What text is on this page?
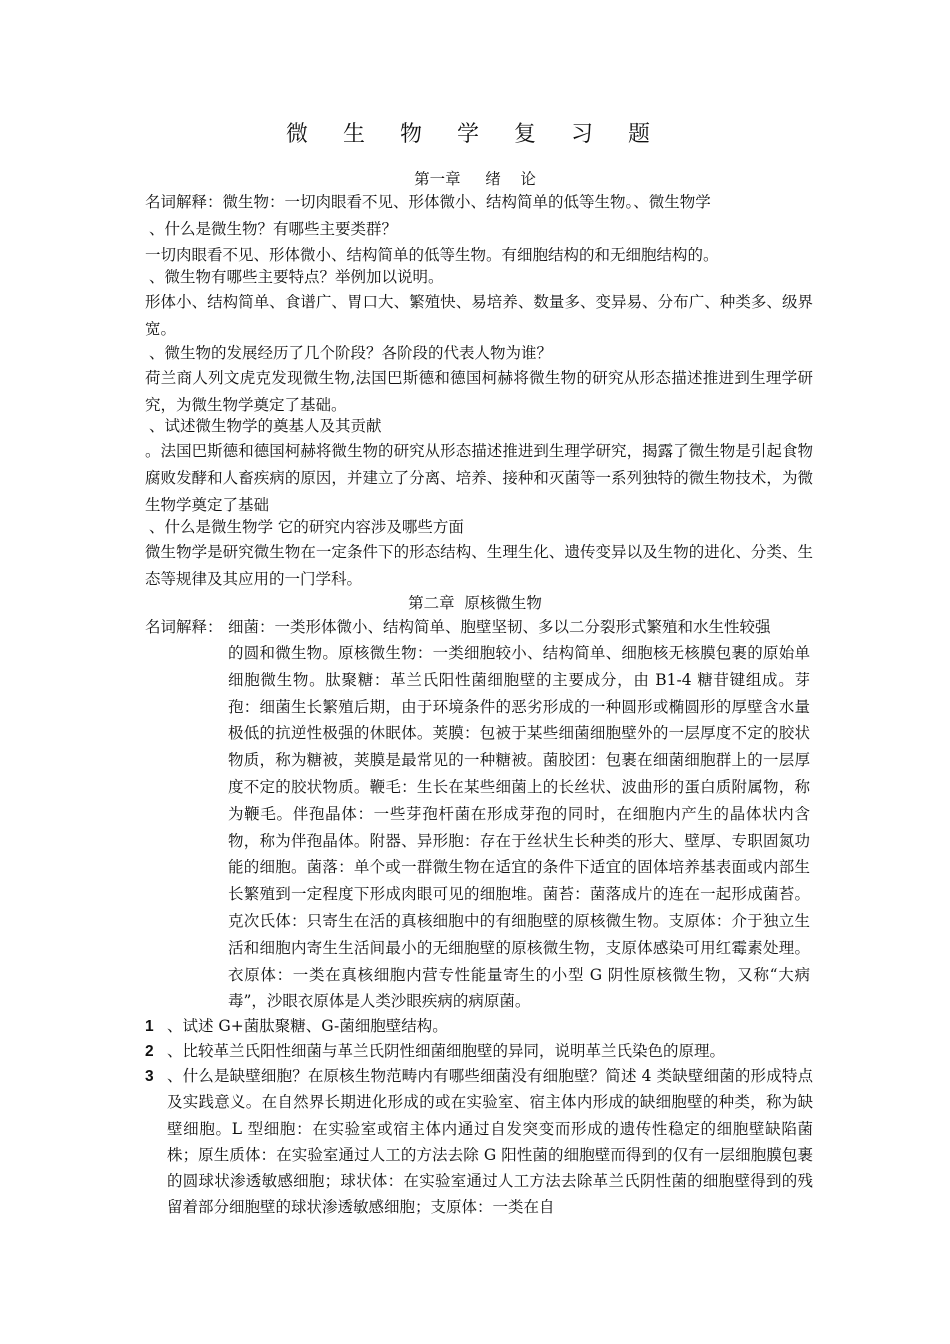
微 生 物 学 复 习 题
第一章     绪    论
名词解释：微生物：一切肉眼看不见、形体微小、结构简单的低等生物。、微生物学
、什么是微生物？有哪些主要类群？
一切肉眼看不见、形体微小、结构简单的低等生物。有细胞结构的和无细胞结构的。
、微生物有哪些主要特点？举例加以说明。
形体小、结构简单、食谱广、胃口大、繁殖快、易培养、数量多、变异易、分布广、种类多、级界宽。
、微生物的发展经历了几个阶段？各阶段的代表人物为谁？
荷兰商人列文虎克发现微生物,法国巴斯德和德国柯赫将微生物的研究从形态描述推进到生理学研究，为微生物学奠定了基础。
、试述微生物学的奠基人及其贡献
。法国巴斯德和德国柯赫将微生物的研究从形态描述推进到生理学研究，揭露了微生物是引起食物腐败发酵和人畜疾病的原因，并建立了分离、培养、接种和灭菌等一系列独特的微生物技术，为微生物学奠定了基础
、什么是微生物学 它的研究内容涉及哪些方面
微生物学是研究微生物在一定条件下的形态结构、生理生化、遗传变异以及生物的进化、分类、生态等规律及其应用的一门学科。
第二章  原核微生物
名词解释： 细菌：一类形体微小、结构简单、胞壁坚韧、多以二分裂形式繁殖和水生性较强
的圆和微生物。原核微生物：一类细胞较小、结构简单、细胞核无核膜包裹的原始单细胞微生物。肽聚糖：革兰氏阳性菌细胞壁的主要成分，由 B1-4 糖苷键组成。芽孢：细菌生长繁殖后期，由于环境条件的恶劣形成的一种圆形或椭圆形的厚壁含水量极低的抗逆性极强的休眠体。荚膜：包被于某些细菌细胞壁外的一层厚度不定的胶状物质，称为糖被，荚膜是最常见的一种糖被。菌胶团：包裹在细菌细胞群上的一层厚度不定的胶状物质。鞭毛：生长在某些细菌上的长丝状、波曲形的蛋白质附属物，称为鞭毛。伴孢晶体：一些芽孢杆菌在形成芽孢的同时，在细胞内产生的晶体状内含物，称为伴孢晶体。附器、异形胞：存在于丝状生长种类的形大、壁厚、专职固氮功能的细胞。菌落：单个或一群微生物在适宜的条件下适宜的固体培养基表面或内部生长繁殖到一定程度下形成肉眼可见的细胞堆。菌苔：菌落成片的连在一起形成菌苔。克次氏体：只寄生在活的真核细胞中的有细胞壁的原核微生物。支原体：介于独立生活和细胞内寄生生活间最小的无细胞壁的原核微生物，支原体感染可用红霉素处理。衣原体：一类在真核细胞内营专性能量寄生的小型 G 阴性原核微生物，又称“大病毒”，沙眼衣原体是人类沙眼疾病的病原菌。
1 、试述 G+菌肽聚糖、G-菌细胞壁结构。
2 、比较革兰氏阳性细菌与革兰氏阴性细菌细胞壁的异同，说明革兰氏染色的原理。
3 、什么是缺壁细胞？在原核生物范畴内有哪些细菌没有细胞壁？简述 4 类缺壁细菌的形成特点及实践意义。在自然界长期进化形成的或在实验室、宿主体内形成的缺细胞壁的种类，称为缺壁细胞。L 型细胞：在实验室或宿主体内通过自发突变而形成的遗传性稳定的细胞壁缺陷菌株；原生质体：在实验室通过人工的方法去除 G 阳性菌的细胞壁而得到的仅有一层细胞膜包裹的圆球状渗透敏感细胞；球状体：在实验室通过人工方法去除革兰氏阴性菌的细胞壁得到的残留着部分细胞壁的球状渗透敏感细胞；支原体：一类在自
